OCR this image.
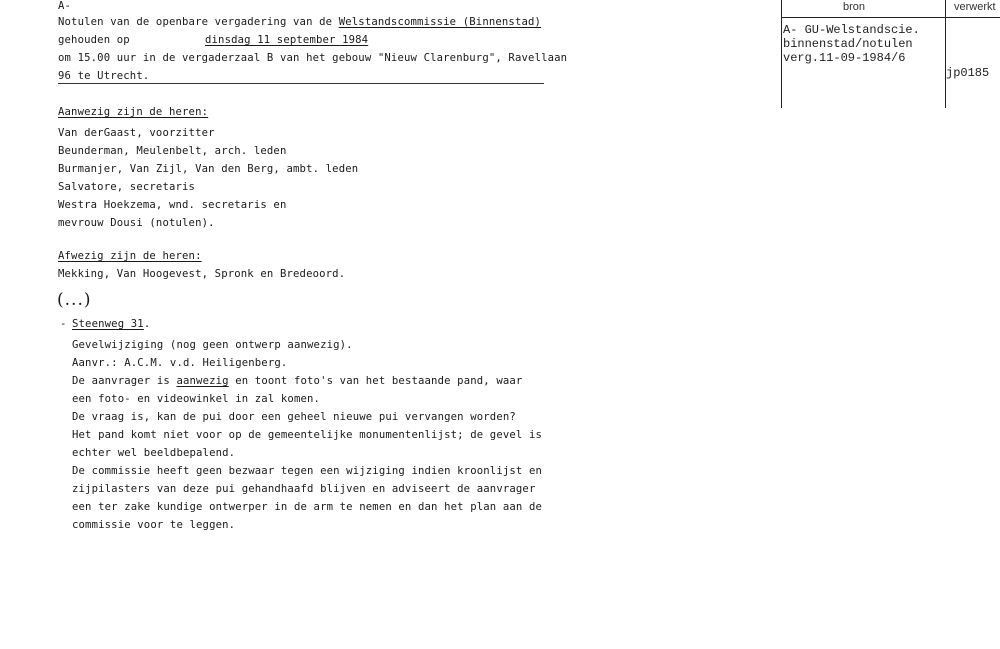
A-
Notulen van de openbare vergadering van de Welstandscommissie (Binnenstad)
gehouden op	dinsdag 11 september 1984
om 15.00 uur in de vergaderzaal B van het gebouw "Nieuw Clarenburg", Ravellaan
96 te Utrecht.
Aanwezig zijn de heren:
Van derGaast, voorzitter
Beunderman, Meulenbelt, arch. leden
Burmanjer, Van Zijl, Van den Berg, ambt. leden
Salvatore, secretaris
Westra Hoekzema, wnd. secretaris en
mevrouw Dousi (notulen).
Afwezig zijn de heren:
Mekking, Van Hoogevest, Spronk en Bredeoord.
(...)
- Steenweg 31.
Gevelwijziging (nog geen ontwerp aanwezig).
Aanvr.: A.C.M. v.d. Heiligenberg.
De aanvrager is aanwezig en toont foto's van het bestaande pand, waar
een foto- en videowinkel in zal komen.
De vraag is, kan de pui door een geheel nieuwe pui vervangen worden?
Het pand komt niet voor op de gemeentelijke monumentenlijst; de gevel is
echter wel beeldbepalend.
De commissie heeft geen bezwaar tegen een wijziging indien kroonlijst en
zijpilasters van deze pui gehandhaafd blijven en adviseert de aanvrager
een ter zake kundige ontwerper in de arm te nemen en dan het plan aan de
commissie voor te leggen.
bron	verwerkt
A- GU-Welstandscie.
binnenstad/notulen
verg.11-09-1984/6
jp0185
